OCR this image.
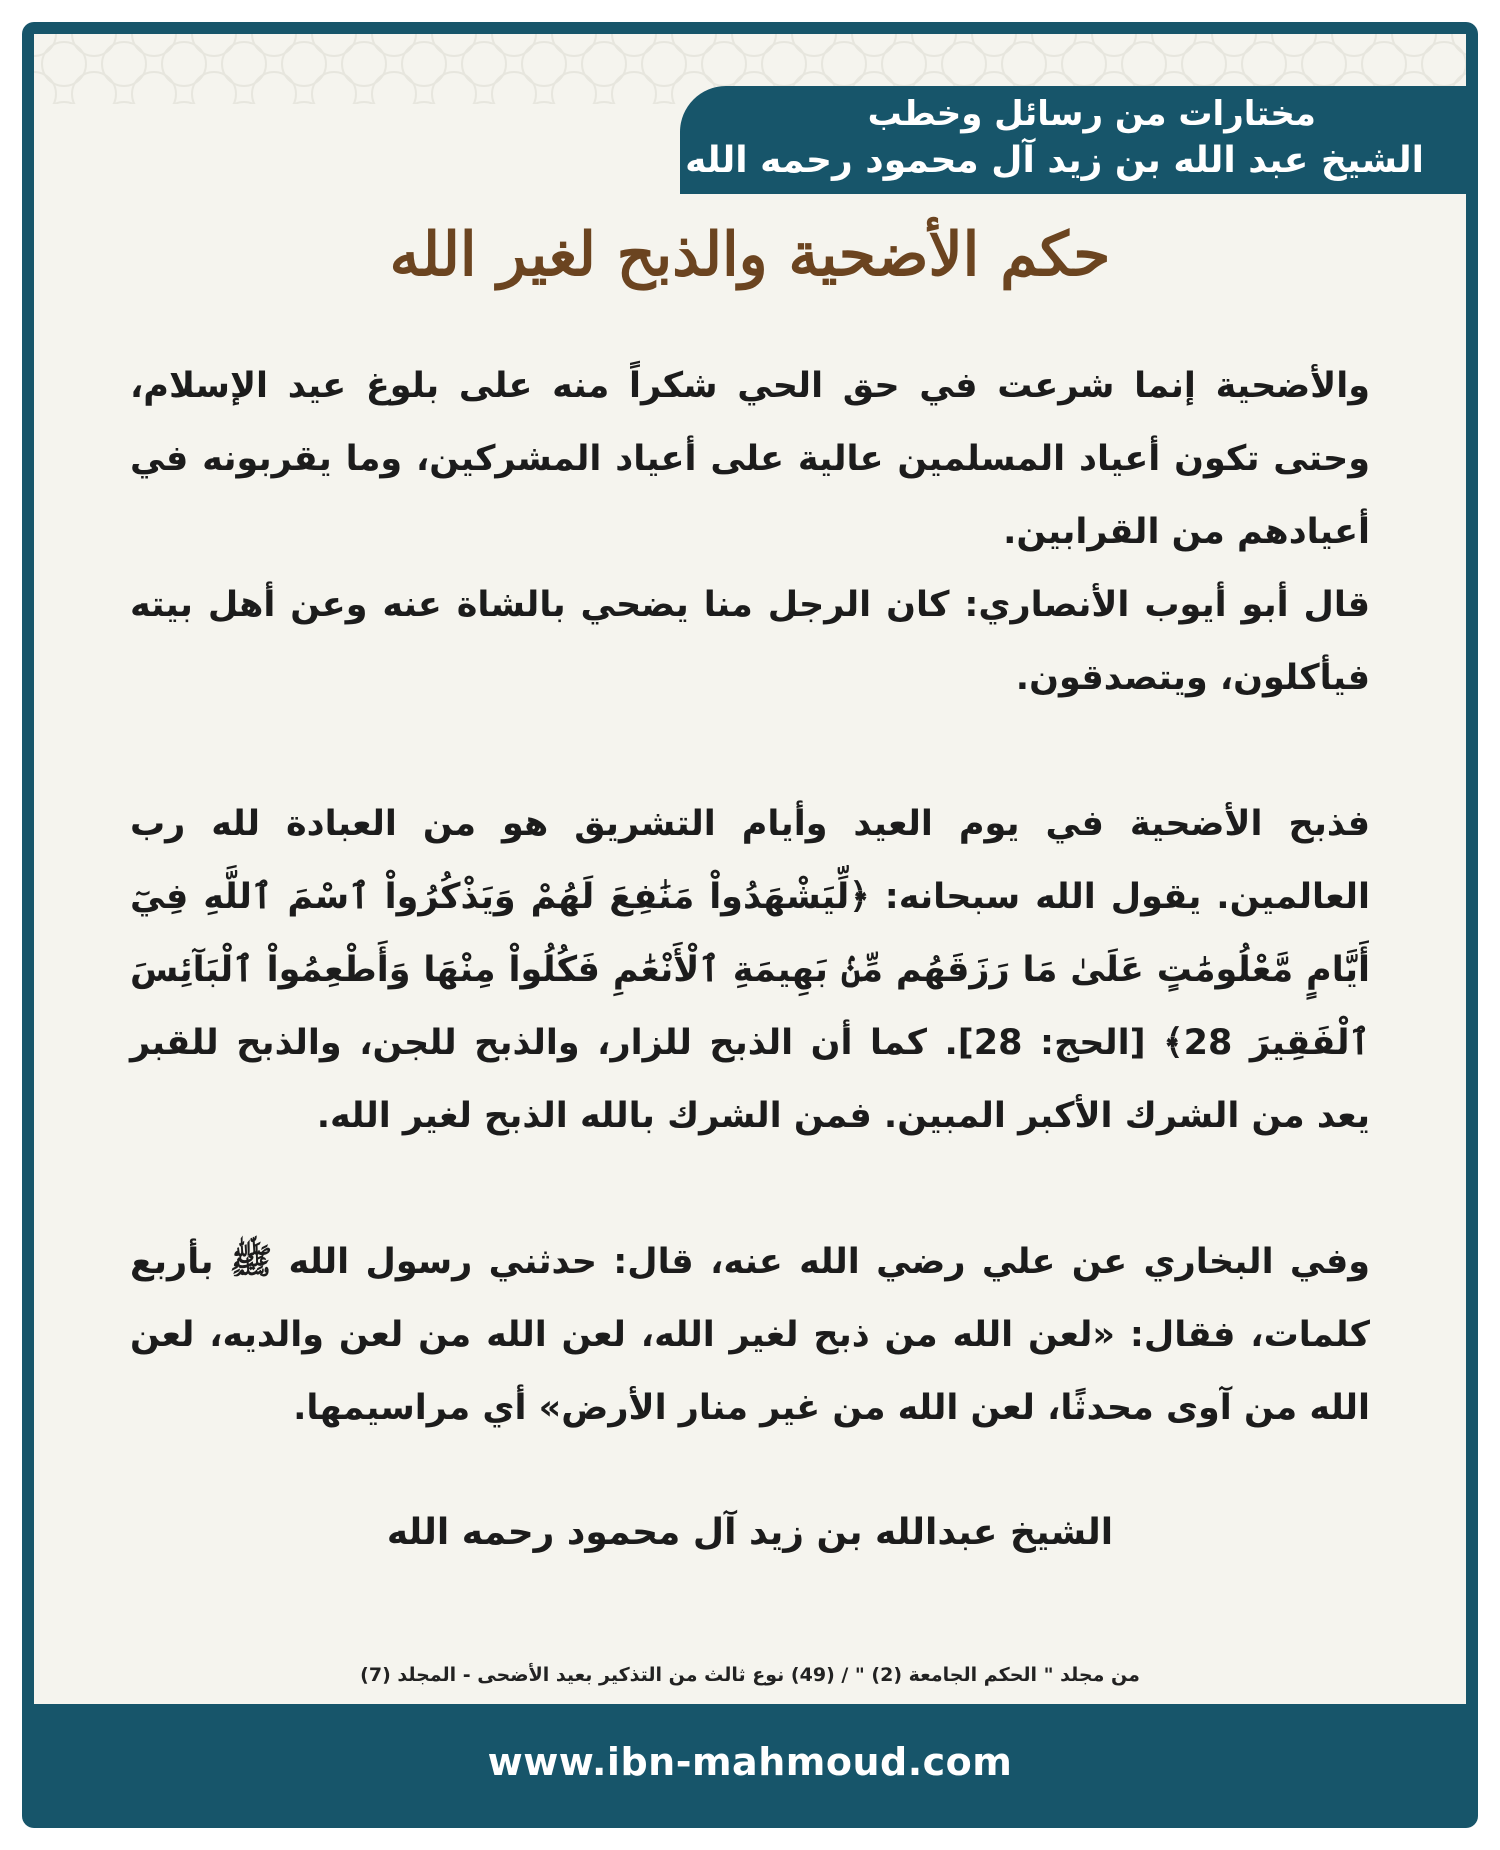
مختارات من رسائل وخطب
الشيخ عبد الله بن زيد آل محمود رحمه الله
حكم الأضحية والذبح لغير الله
والأضحية إنما شرعت في حق الحي شكراً منه على بلوغ عيد الإسلام، وحتى تكون أعياد المسلمين عالية على أعياد المشركين، وما يقربونه في أعيادهم من القرابين.
قال أبو أيوب الأنصاري: كان الرجل منا يضحي بالشاة عنه وعن أهل بيته فيأكلون، ويتصدقون.
فذبح الأضحية في يوم العيد وأيام التشريق هو من العبادة لله رب العالمين. يقول الله سبحانه: ﴿لِّيَشْهَدُواْ مَنَٰفِعَ لَهُمْ وَيَذْكُرُواْ ٱسْمَ ٱللَّهِ فِيٓ أَيَّامٍ مَّعْلُومَٰتٍ عَلَىٰ مَا رَزَقَهُم مِّنۢ بَهِيمَةِ ٱلْأَنْعَٰمِ فَكُلُواْ مِنْهَا وَأَطْعِمُواْ ٱلْبَآئِسَ ٱلْفَقِيرَ 28﴾ [الحج: 28]. كما أن الذبح للزار، والذبح للجن، والذبح للقبر يعد من الشرك الأكبر المبين. فمن الشرك بالله الذبح لغير الله.
وفي البخاري عن علي رضي الله عنه، قال: حدثني رسول الله ﷺ بأربع كلمات، فقال: «لعن الله من ذبح لغير الله، لعن الله من لعن والديه، لعن الله من آوى محدثًا، لعن الله من غير منار الأرض» أي مراسيمها.
الشيخ عبدالله بن زيد آل محمود رحمه الله
من مجلد " الحكم الجامعة (2) " / (49) نوع ثالث من التذكير بعيد الأضحى - المجلد (7)
www.ibn-mahmoud.com
